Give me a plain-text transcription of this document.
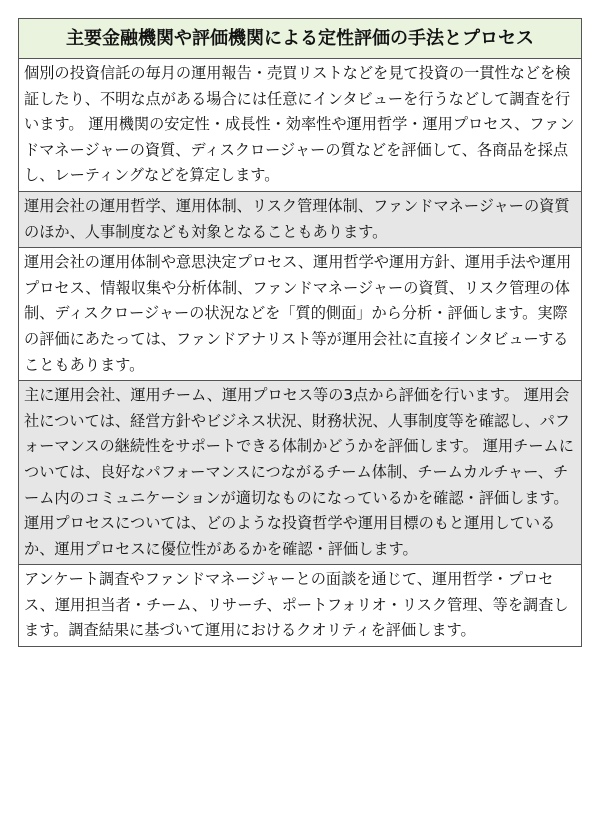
主要金融機関や評価機関による定性評価の手法とプロセス
個別の投資信託の毎月の運用報告・売買リストなどを見て投資の一貫性などを検証したり、不明な点がある場合には任意にインタビューを行うなどして調査を行います。 運用機関の安定性・成長性・効率性や運用哲学・運用プロセス、ファンドマネージャーの資質、ディスクロージャーの質などを評価して、各商品を採点し、レーティングなどを算定します。
運用会社の運用哲学、運用体制、リスク管理体制、ファンドマネージャーの資質のほか、人事制度なども対象となることもあります。
運用会社の運用体制や意思決定プロセス、運用哲学や運用方針、運用手法や運用プロセス、情報収集や分析体制、ファンドマネージャーの資質、リスク管理の体制、ディスクロージャーの状況などを「質的側面」から分析・評価します。実際の評価にあたっては、ファンドアナリスト等が運用会社に直接インタビューすることもあります。
主に運用会社、運用チーム、運用プロセス等の3点から評価を行います。 運用会社については、経営方針やビジネス状況、財務状況、人事制度等を確認し、パフォーマンスの継続性をサポートできる体制かどうかを評価します。 運用チームについては、良好なパフォーマンスにつながるチーム体制、チームカルチャー、チーム内のコミュニケーションが適切なものになっているかを確認・評価します。運用プロセスについては、どのような投資哲学や運用目標のもと運用しているか、運用プロセスに優位性があるかを確認・評価します。
アンケート調査やファンドマネージャーとの面談を通じて、運用哲学・プロセス、運用担当者・チーム、リサーチ、ポートフォリオ・リスク管理、等を調査します。調査結果に基づいて運用におけるクオリティを評価します。
